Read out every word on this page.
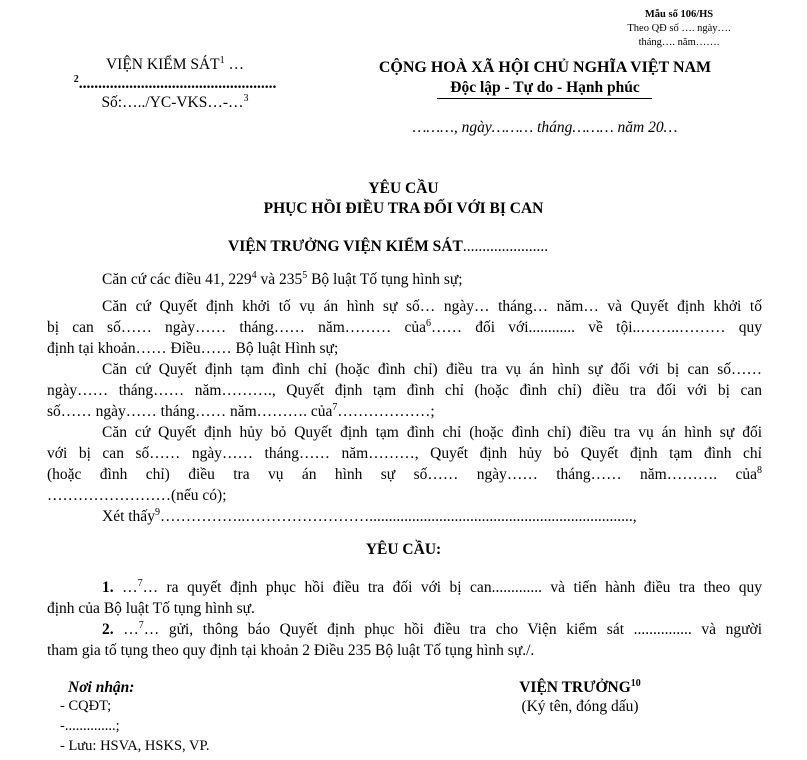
Mẫu số 106/HS
Theo QĐ số …. ngày….
tháng…. năm…….
VIỆN KIỂM SÁT$^1$ …
$^2$...................................................
Số:…../YC-VKS…-…$^3$
CỘNG HOÀ XÃ HỘI CHỦ NGHĨA VIỆT NAM
Độc lập - Tự do - Hạnh phúc
………, ngày……… tháng……… năm 20…
YÊU CẦU
PHỤC HỒI ĐIỀU TRA ĐỐI VỚI BỊ CAN
VIỆN TRƯỞNG VIỆN KIỂM SÁT......................
Căn cứ các điều 41, $229^4$ và $235^5$ Bộ luật Tố tụng hình sự;
Căn cứ Quyết định khởi tố vụ án hình sự số… ngày… tháng… năm… và Quyết định khởi tố
bị can số…… ngày…… tháng…… năm……… của$^6$…… đối với............ về tội..……..……… quy
định tại khoản…… Điều…… Bộ luật Hình sự;
Căn cứ Quyết định tạm đình chỉ (hoặc đình chỉ) điều tra vụ án hình sự đối với bị can số……
ngày…… tháng…… năm………., Quyết định tạm đình chỉ (hoặc đình chỉ) điều tra đối với bị can
số…… ngày…… tháng…… năm………. của$^7$………………;
Căn cứ Quyết định hủy bỏ Quyết định tạm đình chỉ (hoặc đình chỉ) điều tra vụ án hình sự đối
với bị can số…… ngày…… tháng…… năm………, Quyết định hủy bỏ Quyết định tạm đình chỉ
(hoặc đình chỉ) điều tra vụ án hình sự số…… ngày…… tháng…… năm………. của$^8$
……………………(nếu có);
Xét thấy$^9$……………..……………………....................................................................,
YÊU CẦU:
1. …$^7$… ra quyết định phục hồi điều tra đối với bị can............. và tiến hành điều tra theo quy
định của Bộ luật Tố tụng hình sự.
2. …$^7$… gửi, thông báo Quyết định phục hồi điều tra cho Viện kiểm sát ............... và người
tham gia tố tụng theo quy định tại khoản 2 Điều 235 Bộ luật Tố tụng hình sự./.
Nơi nhận:
- CQĐT;
-..............;
- Lưu: HSVA, HSKS, VP.
VIỆN TRƯỞNG$^{10}$
(Ký tên, đóng dấu)
